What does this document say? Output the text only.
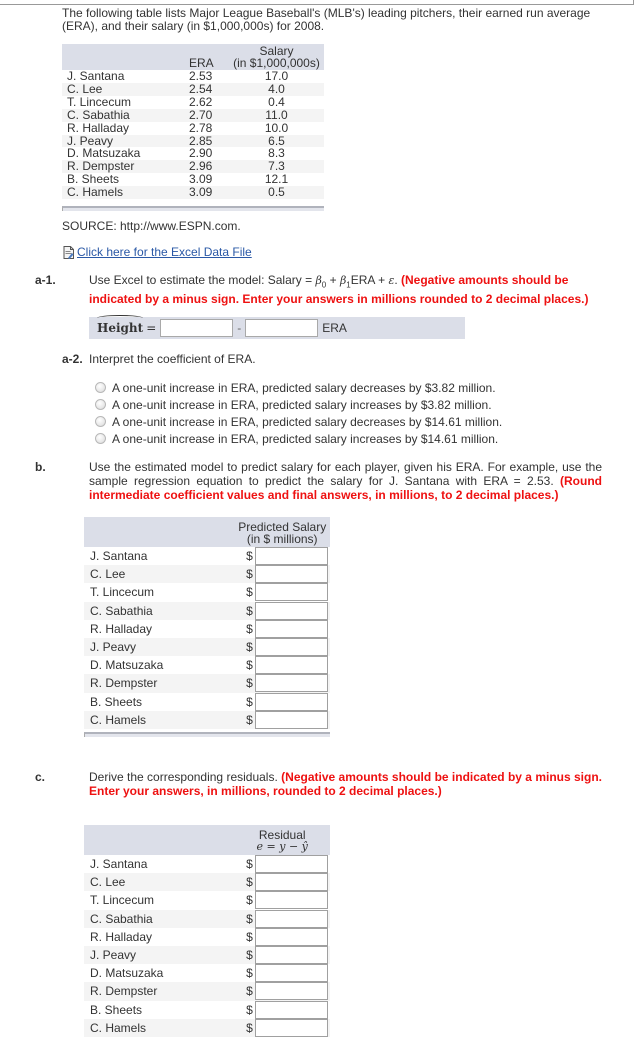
The following table lists Major League Baseball's (MLB's) leading pitchers, their earned run average (ERA), and their salary (in $1,000,000s) for 2008.
	ERA	Salary
(in $1,000,000s)

J. Santana	2.53	17.0
C. Lee	2.54	4.0
T. Lincecum	2.62	0.4
C. Sabathia	2.70	11.0
R. Halladay	2.78	10.0
J. Peavy	2.85	6.5
D. Matsuzaka	2.90	8.3
R. Dempster	2.96	7.3
B. Sheets	3.09	12.1
C. Hamels	3.09	0.5
SOURCE: http://www.ESPN.com.
Click here for the Excel Data File
a-1.	Use Excel to estimate the model: Salary = $\beta_0 + \beta_1ERA + \varepsilon$. (Negative amounts should be indicated by a minus sign. Enter your answers in millions rounded to 2 decimal places.)
Height =	-	ERA
a-2. Interpret the coefficient of ERA.
A one-unit increase in ERA, predicted salary decreases by $3.82 million.
A one-unit increase in ERA, predicted salary increases by $3.82 million.
A one-unit increase in ERA, predicted salary decreases by $14.61 million.
A one-unit increase in ERA, predicted salary increases by $14.61 million.
b.	Use the estimated model to predict salary for each player, given his ERA. For example, use the sample regression equation to predict the salary for J. Santana with ERA = 2.53. (Round intermediate coefficient values and final answers, in millions, to 2 decimal places.)

	Predicted Salary
(in $ millions)	

J. Santana	$	

C. Lee	$	

T. Lincecum	$	

C. Sabathia	$	

R. Halladay	$	

J. Peavy	$	

D. Matsuzaka	$	

R. Dempster	$	

B. Sheets	$	

C. Hamels	$	
c.	Derive the corresponding residuals. (Negative amounts should be indicated by a minus sign. Enter your answers, in millions, rounded to 2 decimal places.)

	Residual
e = y − ŷ	

J. Santana	$	

C. Lee	$	

T. Lincecum	$	

C. Sabathia	$	

R. Halladay	$	

J. Peavy	$	

D. Matsuzaka	$	

R. Dempster	$	

B. Sheets	$	

C. Hamels	$	
